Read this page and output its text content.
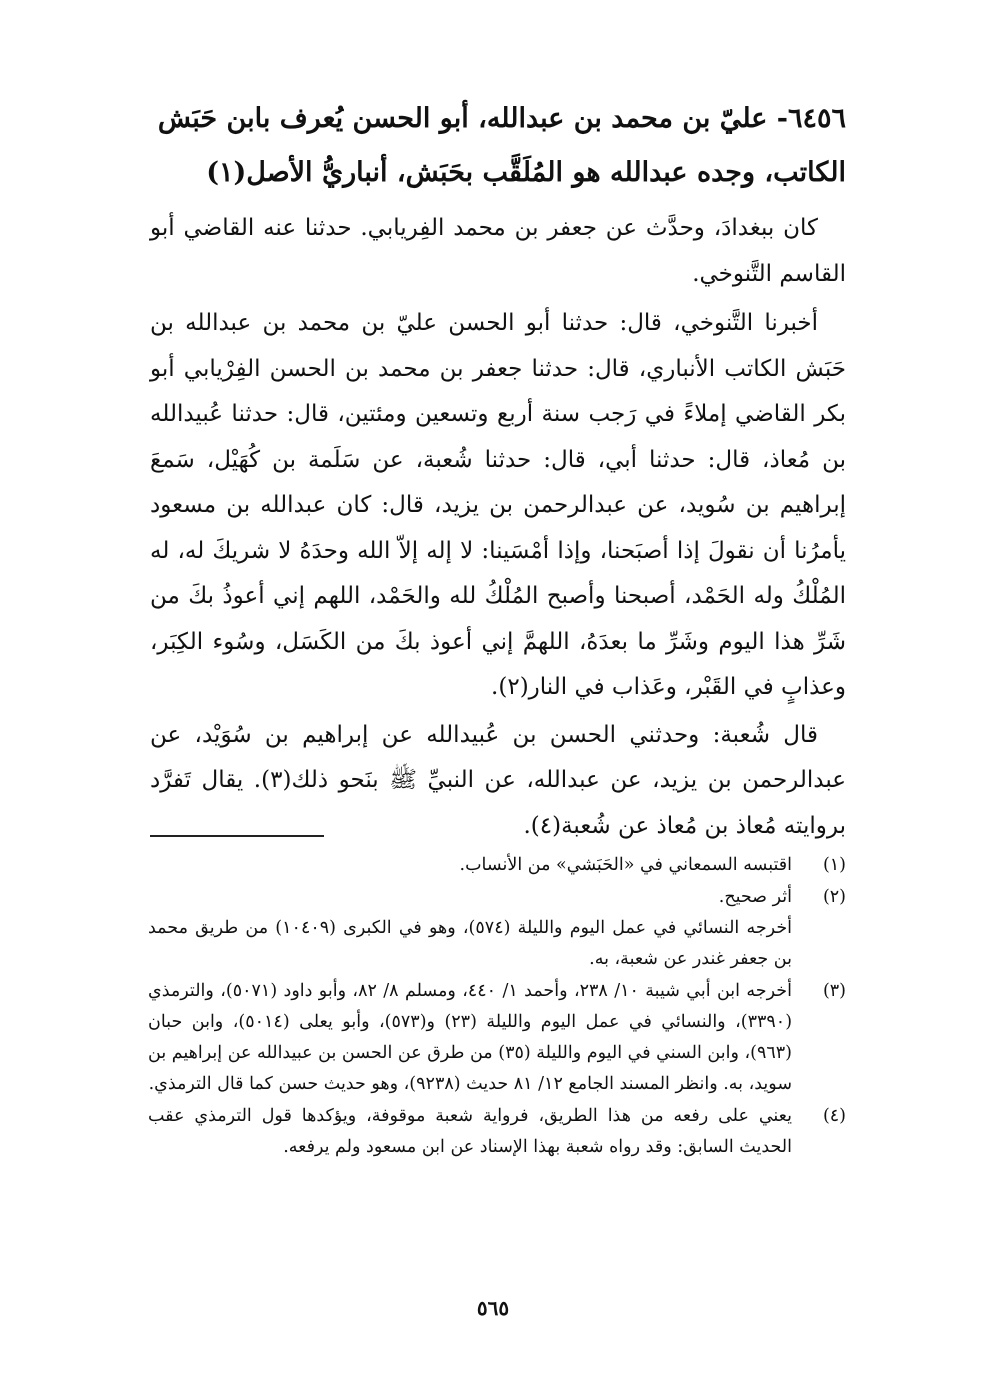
٦٤٥٦- عليّ بن محمد بن عبدالله، أبو الحسن يُعرف بابن حَبَش
الكاتب، وجده عبدالله هو المُلَقَّب بحَبَش، أنباريُّ الأصل(١)

كان ببغدادَ، وحدَّث عن جعفر بن محمد الفِريابي. حدثنا عنه القاضي أبو القاسم التَّنوخي.

أخبرنا التَّنوخي، قال: حدثنا أبو الحسن عليّ بن محمد بن عبدالله بن حَبَش الكاتب الأنباري، قال: حدثنا جعفر بن محمد بن الحسن الفِرْيابي أبو بكر القاضي إملاءً في رَجب سنة أربع وتسعين ومئتين، قال: حدثنا عُبيدالله بن مُعاذ، قال: حدثنا أبي، قال: حدثنا شُعبة، عن سَلَمة بن كُهَيْل، سَمعَ إبراهيم بن سُويد، عن عبدالرحمن بن يزيد، قال: كان عبدالله بن مسعود يأمرُنا أن نقولَ إذا أصبَحنا، وإذا أمْسَينا: لا إله إلاّ الله وحدَهُ لا شريكَ له، له المُلْكُ وله الحَمْد، أصبحنا وأصبح المُلْكُ لله والحَمْد، اللهم إني أعوذُ بكَ من شَرِّ هذا اليوم وشَرِّ ما بعدَهُ، اللهمَّ إني أعوذ بكَ من الكَسَل، وسُوء الكِبَر، وعذابٍ في القَبْر، وعَذاب في النار(٢).

قال شُعبة: وحدثني الحسن بن عُبيدالله عن إبراهيم بن سُوَيْد، عن عبدالرحمن بن يزيد، عن عبدالله، عن النبيِّ ﷺ بنَحو ذلك(٣). يقال تَفرَّد بروايته مُعاذ بن مُعاذ عن شُعبة(٤).

(١)
اقتبسه السمعاني في «الحَبَشي» من الأنساب.
(٢)
أثر صحيح.
أخرجه النسائي في عمل اليوم والليلة (٥٧٤)، وهو في الكبرى (١٠٤٠٩) من طريق محمد بن جعفر غندر عن شعبة، به.
(٣)
أخرجه ابن أبي شيبة ١٠/ ٢٣٨، وأحمد ١/ ٤٤٠، ومسلم ٨/ ٨٢، وأبو داود (٥٠٧١)، والترمذي (٣٣٩٠)، والنسائي في عمل اليوم والليلة (٢٣) و(٥٧٣)، وأبو يعلى (٥٠١٤)، وابن حبان (٩٦٣)، وابن السني في اليوم والليلة (٣٥) من طرق عن الحسن بن عبيدالله عن إبراهيم بن سويد، به. وانظر المسند الجامع ١٢/ ٨١ حديث (٩٢٣٨)، وهو حديث حسن كما قال الترمذي.
(٤)
يعني على رفعه من هذا الطريق، فرواية شعبة موقوفة، ويؤكدها قول الترمذي عقب الحديث السابق: وقد رواه شعبة بهذا الإسناد عن ابن مسعود ولم يرفعه.
٥٦٥
